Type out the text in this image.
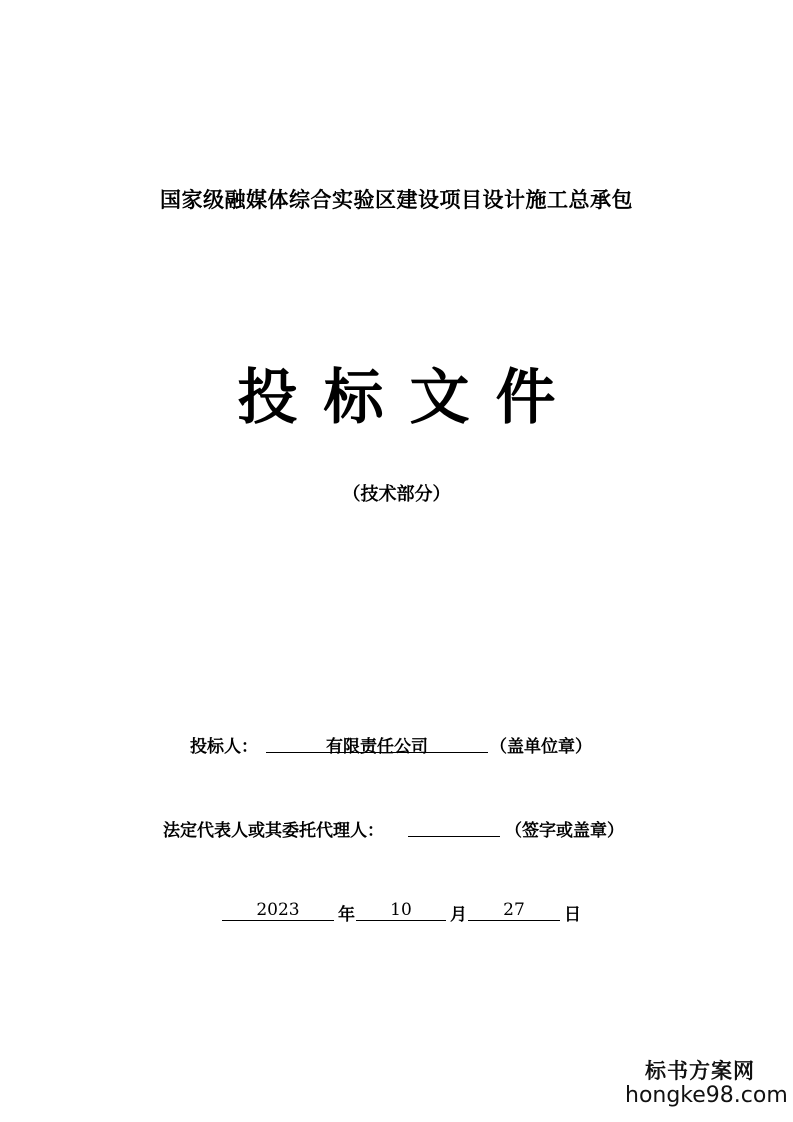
国家级融媒体综合实验区建设项目设计施工总承包
投标文件
（技术部分）
投标人：	有限责任公司	（盖单位章）
法定代表人或其委托代理人：	（签字或盖章）
2023	年	10	月	27	日
标书方案网
hongke98.com
